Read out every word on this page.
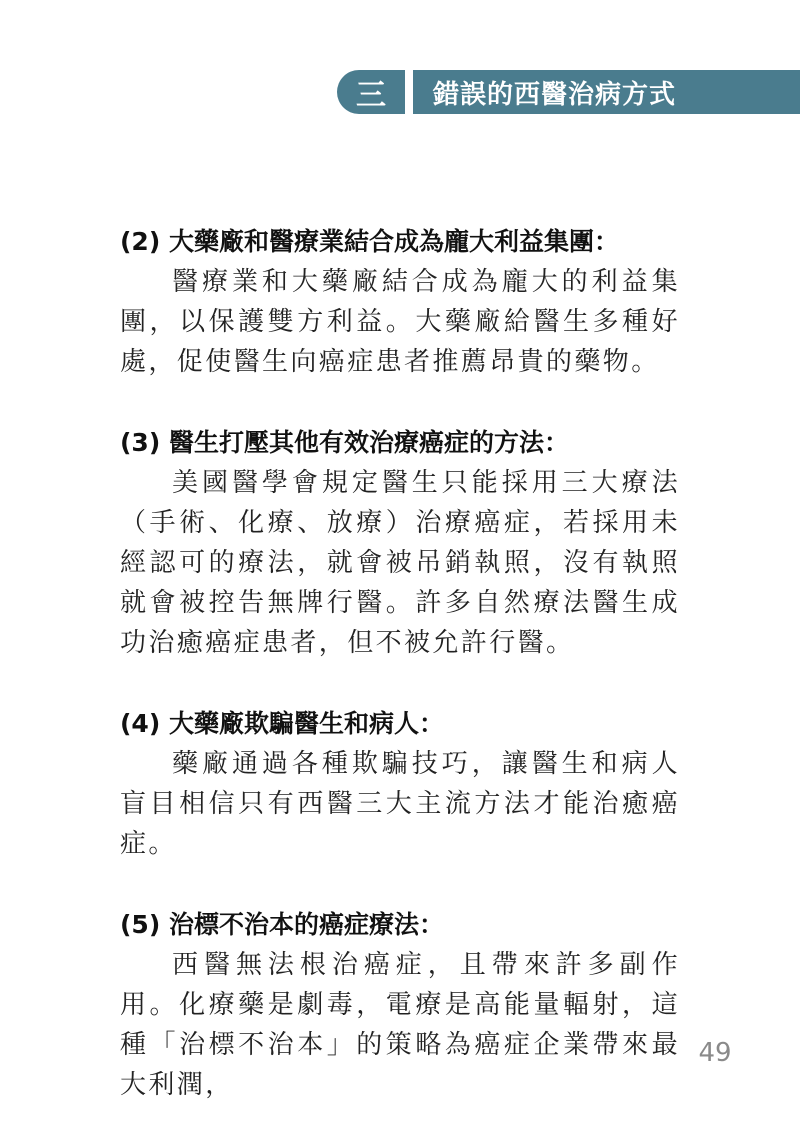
三	錯誤的西醫治病方式
(2) 大藥廠和醫療業結合成為龐大利益集團：

醫療業和大藥廠結合成為龐大的利益集團，以保護雙方利益。大藥廠給醫生多種好處，促使醫生向癌症患者推薦昂貴的藥物。

(3) 醫生打壓其他有效治療癌症的方法：

美國醫學會規定醫生只能採用三大療法（手術、化療、放療）治療癌症，若採用未經認可的療法，就會被吊銷執照，沒有執照就會被控告無牌行醫。許多自然療法醫生成功治癒癌症患者，但不被允許行醫。

(4) 大藥廠欺騙醫生和病人：

藥廠通過各種欺騙技巧，讓醫生和病人盲目相信只有西醫三大主流方法才能治癒癌症。

(5) 治標不治本的癌症療法：

西醫無法根治癌症，且帶來許多副作用。化療藥是劇毒，電療是高能量輻射，這種「治標不治本」的策略為癌症企業帶來最大利潤，

49
